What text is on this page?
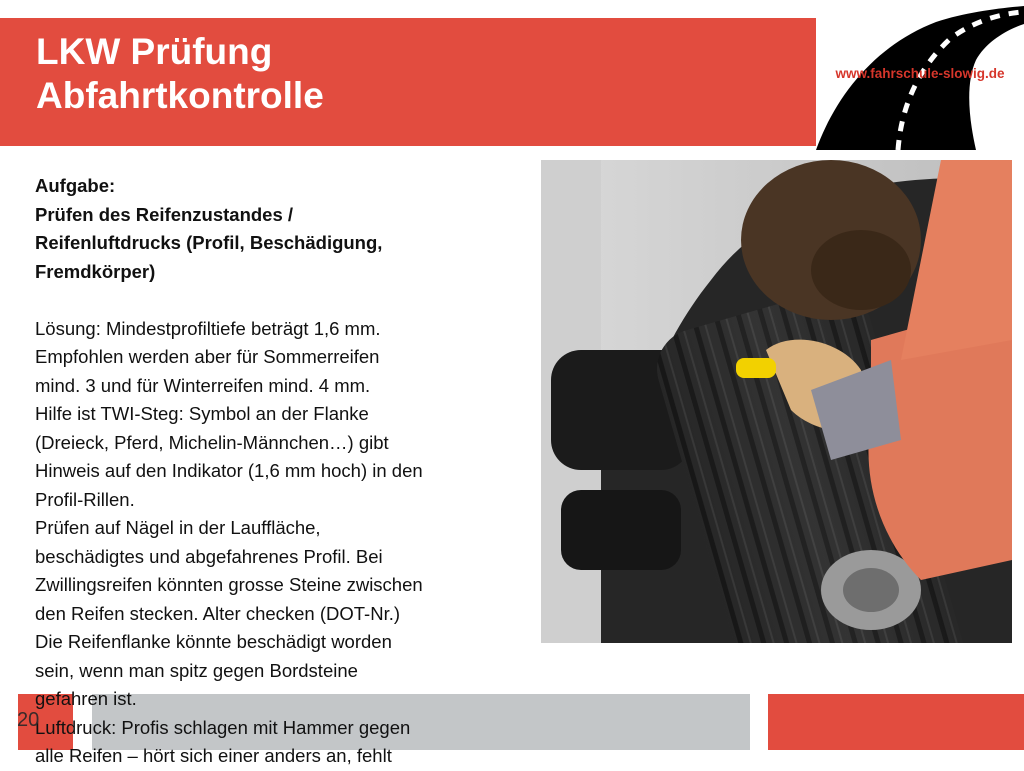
LKW Prüfung
Abfahrtkontrolle
www.fahrschule-slowig.de

Aufgabe:

Prüfen des Reifenzustandes /

Reifenluftdrucks (Profil, Beschädigung,

Fremdkörper)

Lösung: Mindestprofiltiefe beträgt 1,6 mm.

Empfohlen werden aber für Sommerreifen

mind. 3 und für Winterreifen mind. 4 mm.

Hilfe ist TWI-Steg: Symbol an der Flanke

(Dreieck, Pferd, Michelin-Männchen…) gibt

Hinweis auf den Indikator (1,6 mm hoch) in den

Profil-Rillen.

Prüfen auf Nägel in der Lauffläche,

beschädigtes und abgefahrenes Profil. Bei

Zwillingsreifen könnten grosse Steine zwischen

den Reifen stecken. Alter checken (DOT-Nr.)

Die Reifenflanke könnte beschädigt worden

sein, wenn man spitz gegen Bordsteine

gefahren ist.

Luftdruck: Profis schlagen mit Hammer gegen

alle Reifen – hört sich einer anders an, fehlt

20
